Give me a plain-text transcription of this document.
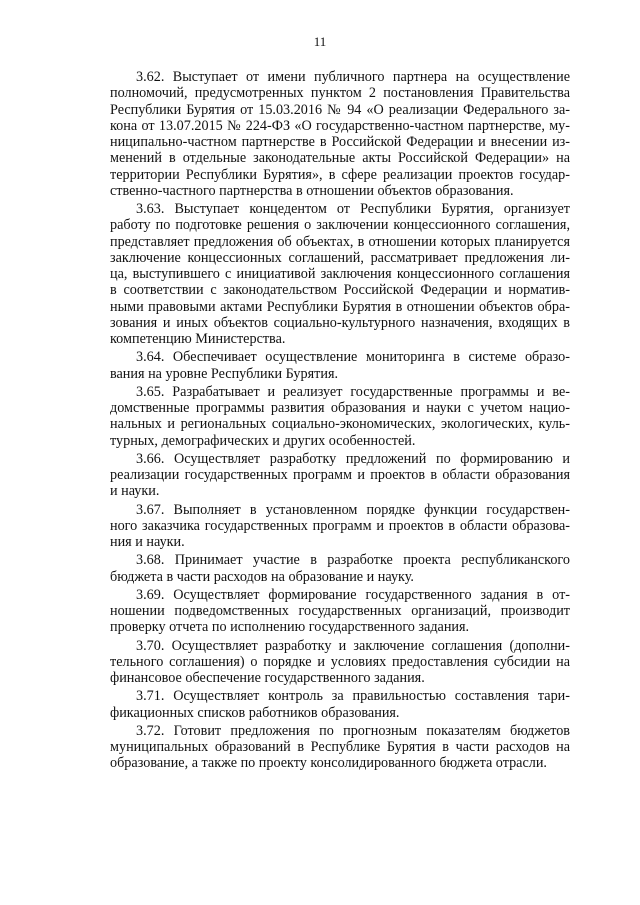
11
3.62. Выступает от имени публичного партнера на осуществление
полномочий, предусмотренных пунктом 2 постановления Правительства
Республики Бурятия от 15.03.2016 № 94 «О реализации Федерального за-
кона от 13.07.2015 № 224-ФЗ «О государственно-частном партнерстве, му-
ниципально-частном партнерстве в Российской Федерации и внесении из-
менений в отдельные законодательные акты Российской Федерации» на
территории Республики Бурятия», в сфере реализации проектов государ-
ственно-частного партнерства в отношении объектов образования.
3.63. Выступает концедентом от Республики Бурятия, организует
работу по подготовке решения о заключении концессионного соглашения,
представляет предложения об объектах, в отношении которых планируется
заключение концессионных соглашений, рассматривает предложения ли-
ца, выступившего с инициативой заключения концессионного соглашения
в соответствии с законодательством Российской Федерации и норматив-
ными правовыми актами Республики Бурятия в отношении объектов обра-
зования и иных объектов социально-культурного назначения, входящих в
компетенцию Министерства.
3.64. Обеспечивает осуществление мониторинга в системе образо-
вания на уровне Республики Бурятия.
3.65. Разрабатывает и реализует государственные программы и ве-
домственные программы развития образования и науки с учетом нацио-
нальных и региональных социально-экономических, экологических, куль-
турных, демографических и других особенностей.
3.66. Осуществляет разработку предложений по формированию и
реализации государственных программ и проектов в области образования
и науки.
3.67. Выполняет в установленном порядке функции государствен-
ного заказчика государственных программ и проектов в области образова-
ния и науки.
3.68. Принимает участие в разработке проекта республиканского
бюджета в части расходов на образование и науку.
3.69. Осуществляет формирование государственного задания в от-
ношении подведомственных государственных организаций, производит
проверку отчета по исполнению государственного задания.
3.70. Осуществляет разработку и заключение соглашения (дополни-
тельного соглашения) о порядке и условиях предоставления субсидии на
финансовое обеспечение государственного задания.
3.71. Осуществляет контроль за правильностью составления тари-
фикационных списков работников образования.
3.72. Готовит предложения по прогнозным показателям бюджетов
муниципальных образований в Республике Бурятия в части расходов на
образование, а также по проекту консолидированного бюджета отрасли.
